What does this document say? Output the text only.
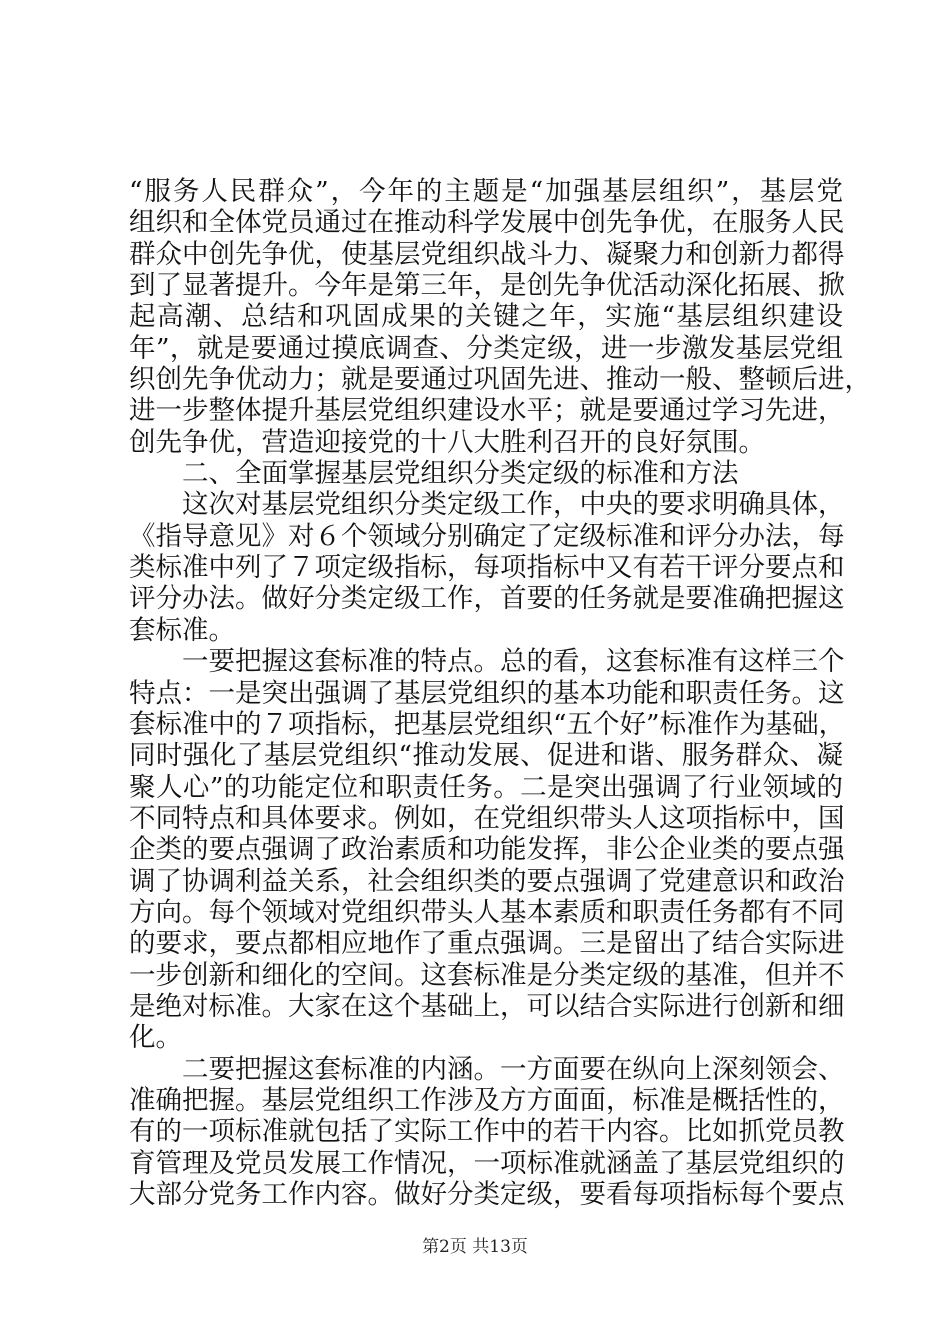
“服务人民群众”，今年的主题是“加强基层组织”，基层党
组织和全体党员通过在推动科学发展中创先争优，在服务人民
群众中创先争优，使基层党组织战斗力、凝聚力和创新力都得
到了显著提升。今年是第三年，是创先争优活动深化拓展、掀
起高潮、总结和巩固成果的关键之年，实施“基层组织建设
年”，就是要通过摸底调查、分类定级，进一步激发基层党组
织创先争优动力；就是要通过巩固先进、推动一般、整顿后进，
进一步整体提升基层党组织建设水平；就是要通过学习先进，
创先争优，营造迎接党的十八大胜利召开的良好氛围。
二、全面掌握基层党组织分类定级的标准和方法
这次对基层党组织分类定级工作，中央的要求明确具体，
《指导意见》对６个领域分别确定了定级标准和评分办法，每
类标准中列了７项定级指标，每项指标中又有若干评分要点和
评分办法。做好分类定级工作，首要的任务就是要准确把握这
套标准。
一要把握这套标准的特点。总的看，这套标准有这样三个
特点：一是突出强调了基层党组织的基本功能和职责任务。这
套标准中的７项指标，把基层党组织“五个好”标准作为基础，
同时强化了基层党组织“推动发展、促进和谐、服务群众、凝
聚人心”的功能定位和职责任务。二是突出强调了行业领域的
不同特点和具体要求。例如，在党组织带头人这项指标中，国
企类的要点强调了政治素质和功能发挥，非公企业类的要点强
调了协调利益关系，社会组织类的要点强调了党建意识和政治
方向。每个领域对党组织带头人基本素质和职责任务都有不同
的要求，要点都相应地作了重点强调。三是留出了结合实际进
一步创新和细化的空间。这套标准是分类定级的基准，但并不
是绝对标准。大家在这个基础上，可以结合实际进行创新和细
化。
二要把握这套标准的内涵。一方面要在纵向上深刻领会、
准确把握。基层党组织工作涉及方方面面，标准是概括性的，
有的一项标准就包括了实际工作中的若干内容。比如抓党员教
育管理及党员发展工作情况，一项标准就涵盖了基层党组织的
大部分党务工作内容。做好分类定级，要看每项指标每个要点
第2页 共13页
